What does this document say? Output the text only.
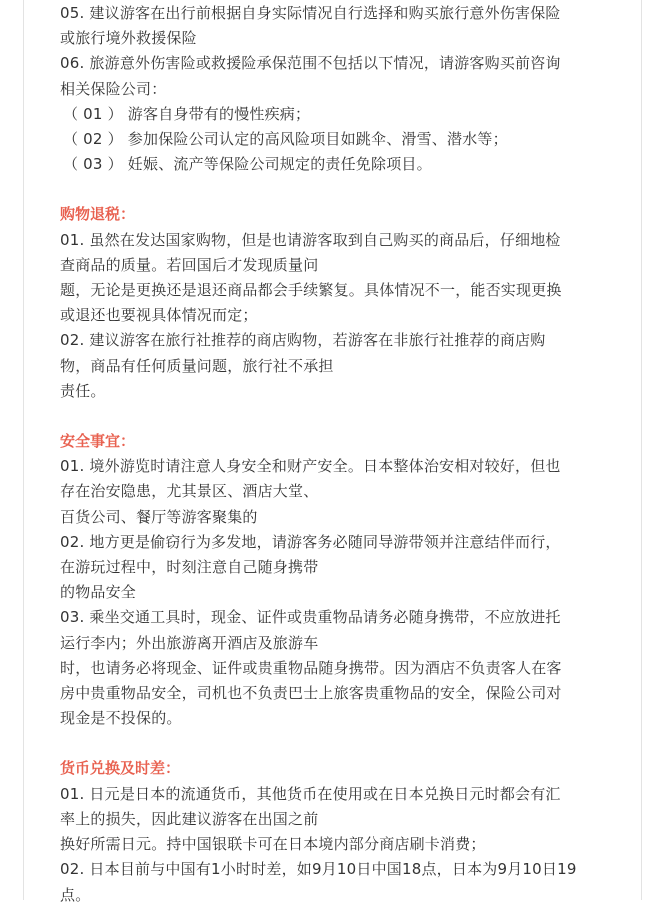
05. 建议游客在出行前根据自身实际情况自行选择和购买旅行意外伤害保险
或旅行境外救援保险
06. 旅游意外伤害险或救援险承保范围不包括以下情况，请游客购买前咨询
相关保险公司：
（ 01 ） 游客自身带有的慢性疾病；
（ 02 ） 参加保险公司认定的高风险项目如跳伞、滑雪、潜水等；
（ 03 ） 妊娠、流产等保险公司规定的责任免除项目。
购物退税：
01. 虽然在发达国家购物，但是也请游客取到自己购买的商品后，仔细地检
查商品的质量。若回国后才发现质量问
题，无论是更换还是退还商品都会手续繁复。具体情况不一，能否实现更换
或退还也要视具体情况而定；
02. 建议游客在旅行社推荐的商店购物，若游客在非旅行社推荐的商店购
物，商品有任何质量问题，旅行社不承担
责任。
安全事宜：
01. 境外游览时请注意人身安全和财产安全。日本整体治安相对较好，但也
存在治安隐患，尤其景区、酒店大堂、
百货公司、餐厅等游客聚集的
02. 地方更是偷窃行为多发地，请游客务必随同导游带领并注意结伴而行，
在游玩过程中，时刻注意自己随身携带
的物品安全
03. 乘坐交通工具时，现金、证件或贵重物品请务必随身携带，不应放进托
运行李内；外出旅游离开酒店及旅游车
时，也请务必将现金、证件或贵重物品随身携带。因为酒店不负责客人在客
房中贵重物品安全，司机也不负责巴士上旅客贵重物品的安全，保险公司对
现金是不投保的。
货币兑换及时差：
01. 日元是日本的流通货币，其他货币在使用或在日本兑换日元时都会有汇
率上的损失，因此建议游客在出国之前
换好所需日元。持中国银联卡可在日本境内部分商店刷卡消费；
02. 日本目前与中国有1小时时差，如9月10日中国18点，日本为9月10日19
点。
